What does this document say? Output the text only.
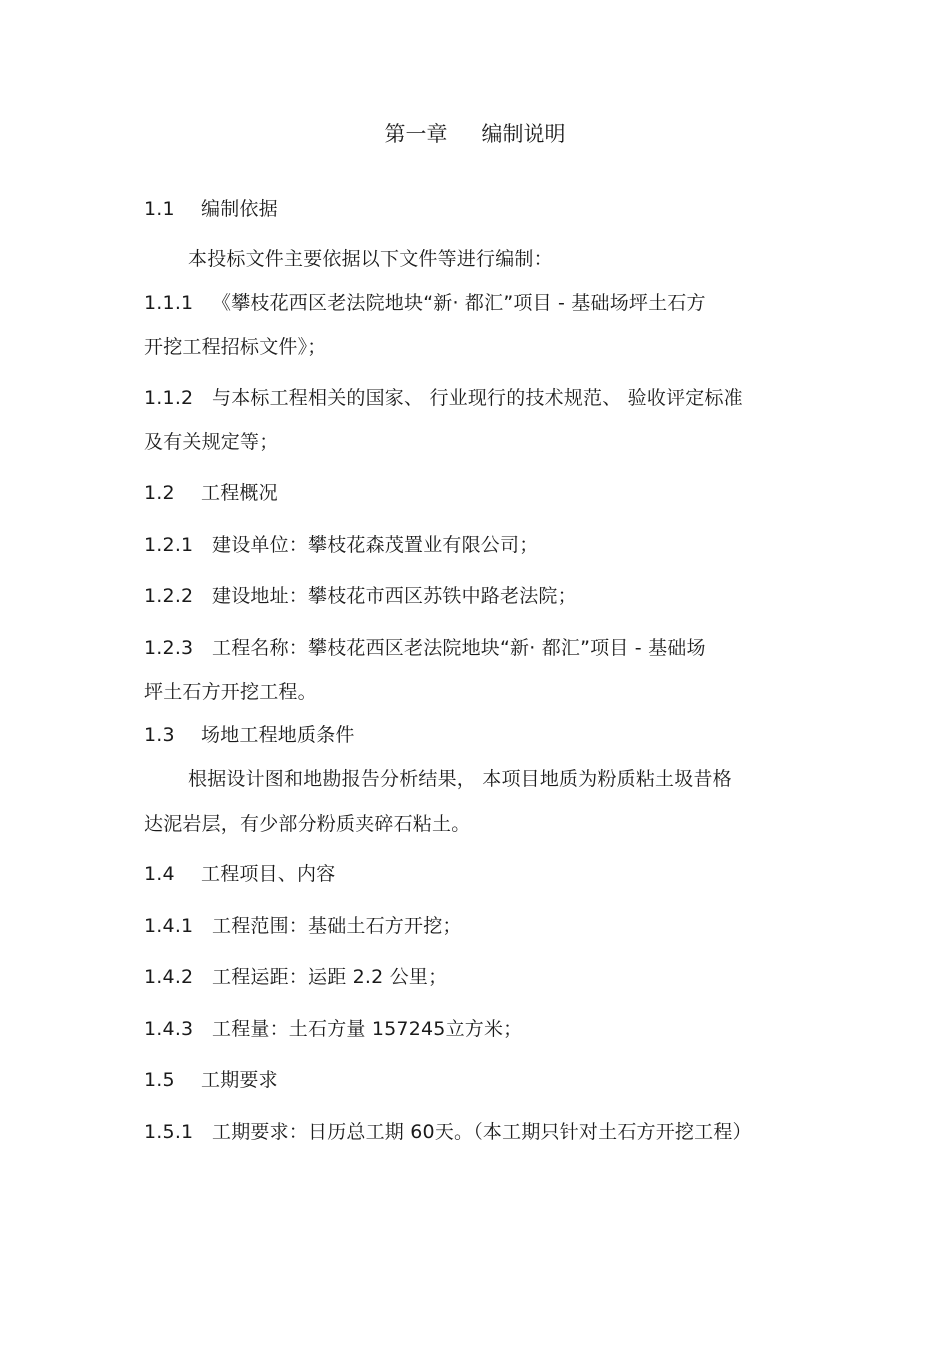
第一章 编制说明
1.1 编制依据
本投标文件主要依据以下文件等进行编制：
1.1.1 《攀枝花西区老法院地块“新· 都汇”项目 - 基础场坪土石方
开挖工程招标文件》；
1.1.2 与本标工程相关的国家、 行业现行的技术规范、 验收评定标准
及有关规定等；
1.2 工程概况
1.2.1 建设单位：攀枝花森茂置业有限公司；
1.2.2 建设地址：攀枝花市西区苏铁中路老法院；
1.2.3 工程名称：攀枝花西区老法院地块“新· 都汇”项目 - 基础场
坪土石方开挖工程。
1.3 场地工程地质条件
根据设计图和地勘报告分析结果， 本项目地质为粉质粘土圾昔格
达泥岩层，有少部分粉质夹碎石粘土。
1.4 工程项目、内容
1.4.1 工程范围：基础土石方开挖；
1.4.2 工程运距：运距 2.2 公里；
1.4.3 工程量：土石方量 157245立方米；
1.5 工期要求
1.5.1 工期要求：日历总工期 60天。（本工期只针对土石方开挖工程）
